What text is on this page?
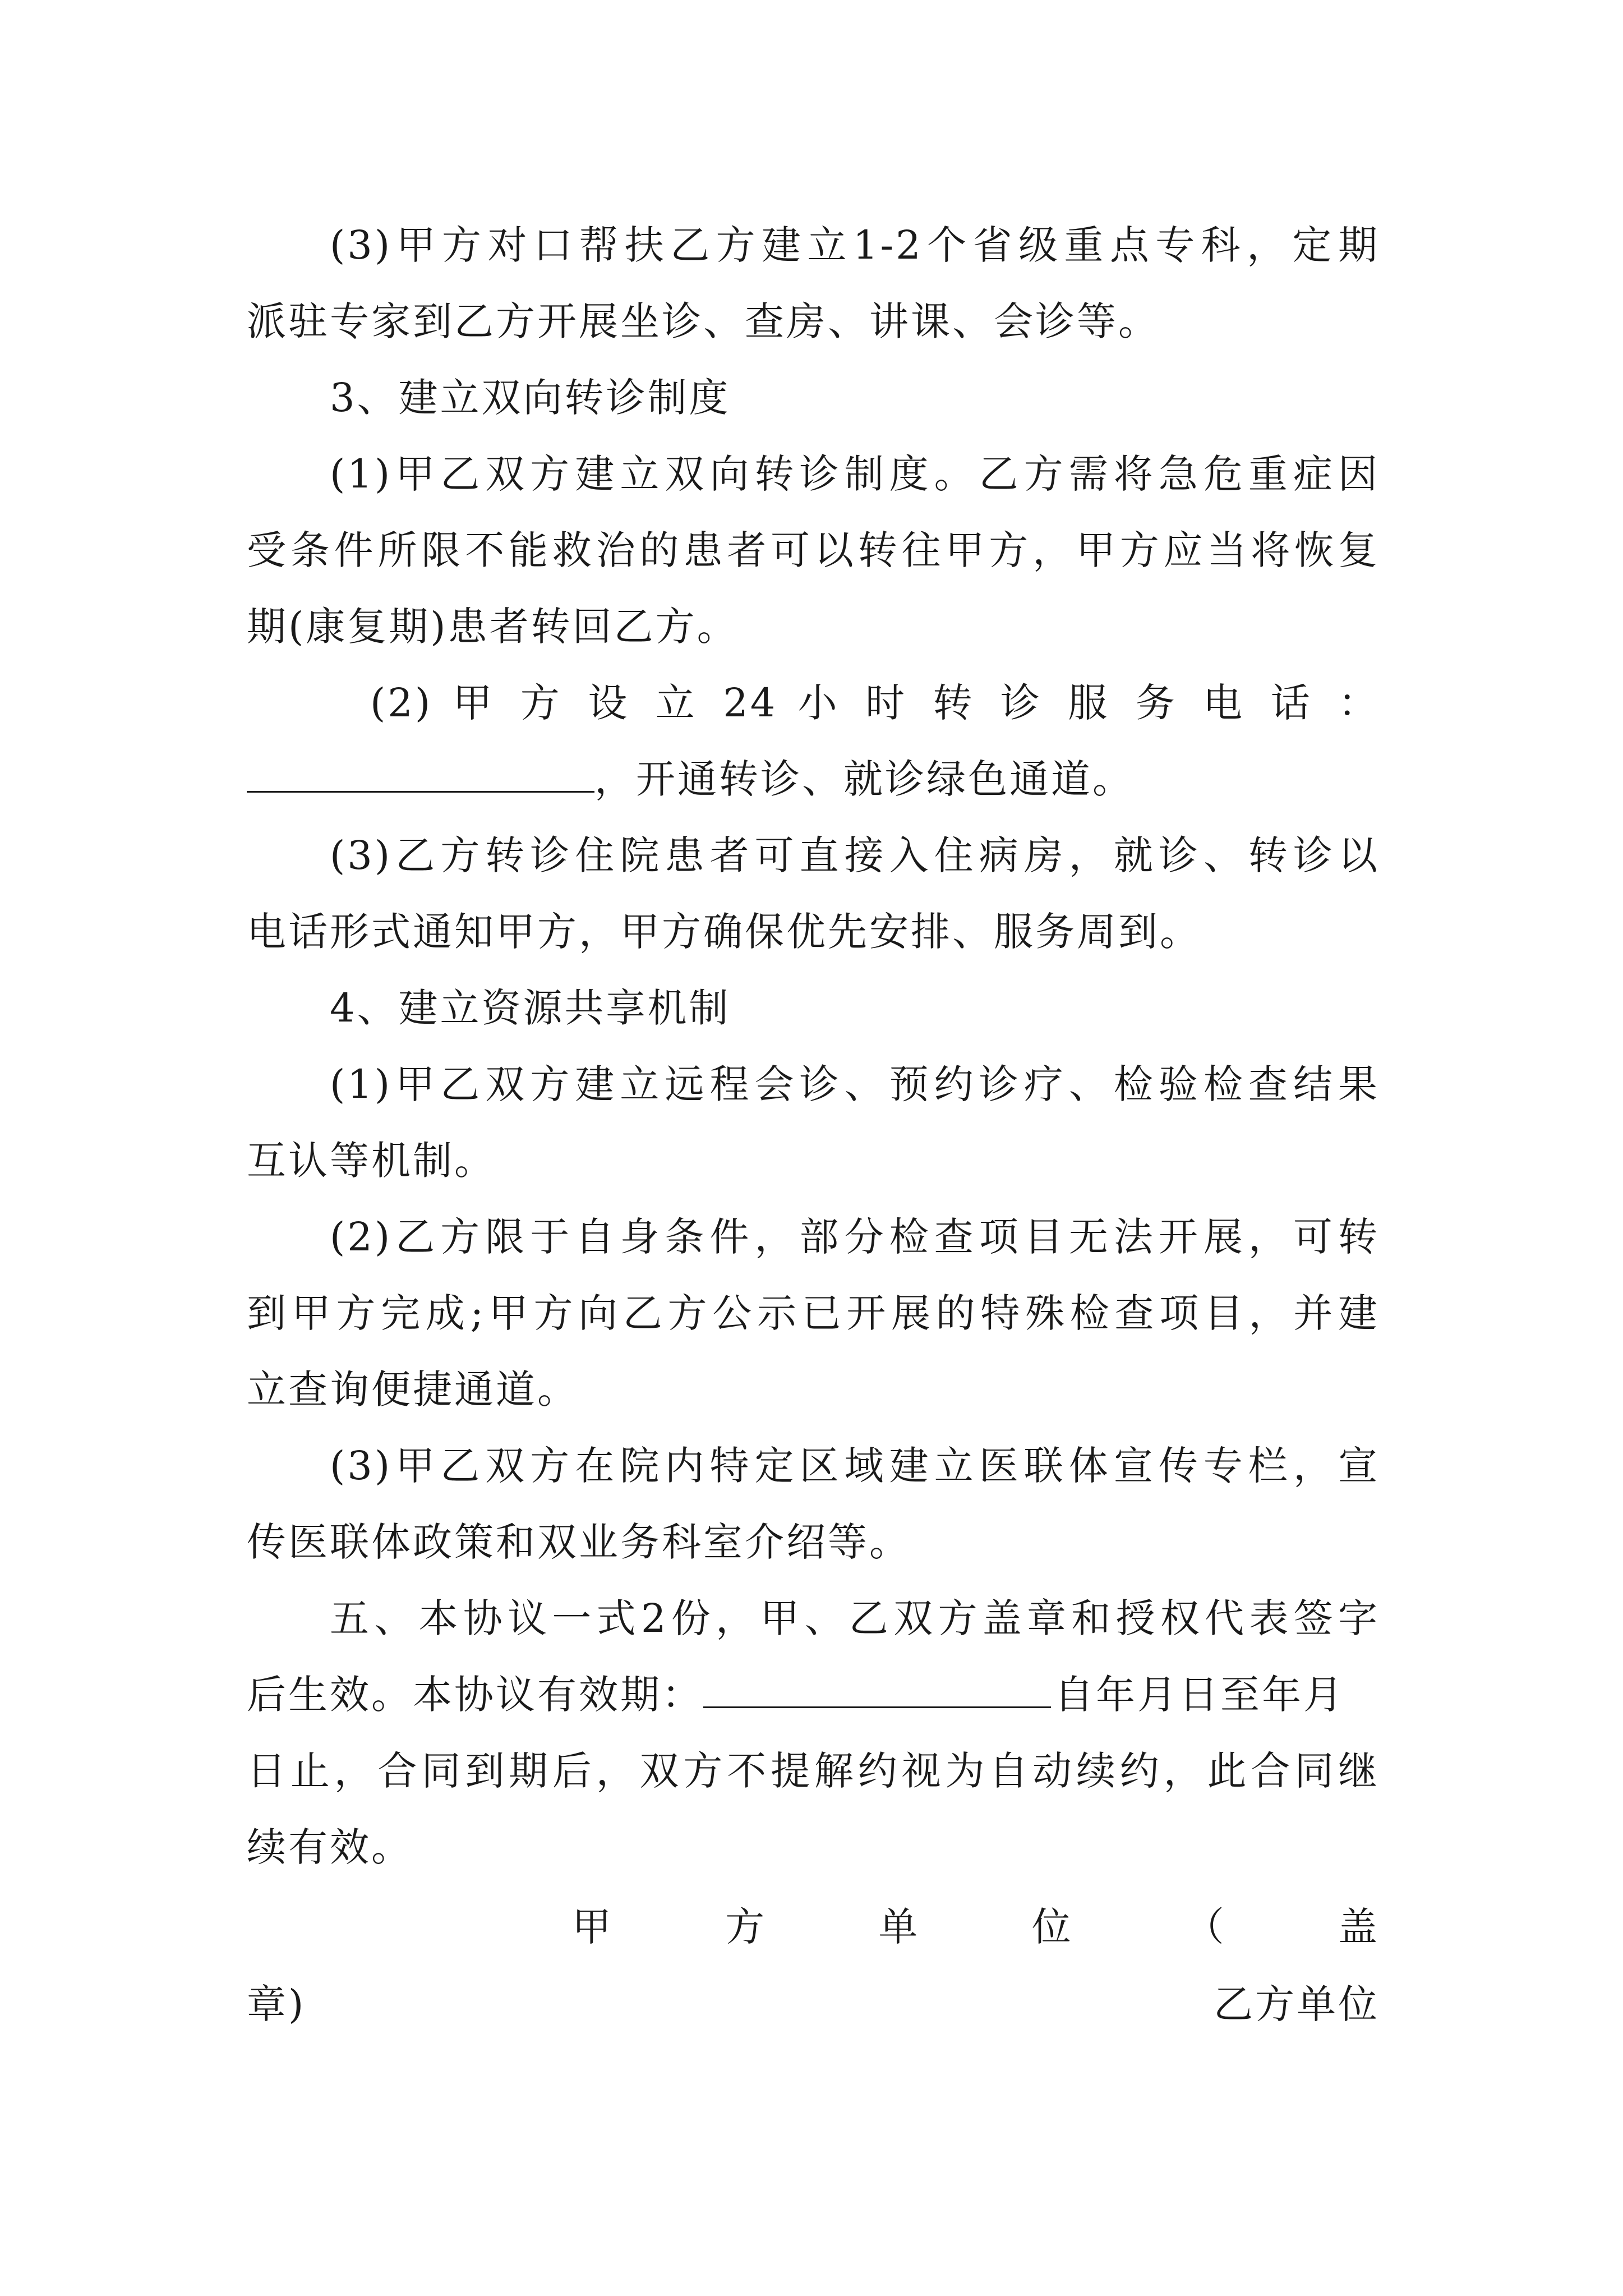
(3)甲方对口帮扶乙方建立1-2个省级重点专科，定期
派驻专家到乙方开展坐诊、查房、讲课、会诊等。
3、建立双向转诊制度
(1)甲乙双方建立双向转诊制度。乙方需将急危重症因
受条件所限不能救治的患者可以转往甲方，甲方应当将恢复
期(康复期)患者转回乙方。
(2) 甲 方 设 立 24 小 时 转 诊 服 务 电 话 ：
，开通转诊、就诊绿色通道。
(3)乙方转诊住院患者可直接入住病房，就诊、转诊以
电话形式通知甲方，甲方确保优先安排、服务周到。
4、建立资源共享机制
(1)甲乙双方建立远程会诊、预约诊疗、检验检查结果
互认等机制。
(2)乙方限于自身条件，部分检查项目无法开展，可转
到甲方完成;甲方向乙方公示已开展的特殊检查项目，并建
立查询便捷通道。
(3)甲乙双方在院内特定区域建立医联体宣传专栏，宣
传医联体政策和双业务科室介绍等。
五、本协议一式2份，甲、乙双方盖章和授权代表签字
后生效。本协议有效期：	自年月日至年月
日止，合同到期后，双方不提解约视为自动续约，此合同继
续有效。
甲	方	单	位	（	盖
章)	乙方单位
